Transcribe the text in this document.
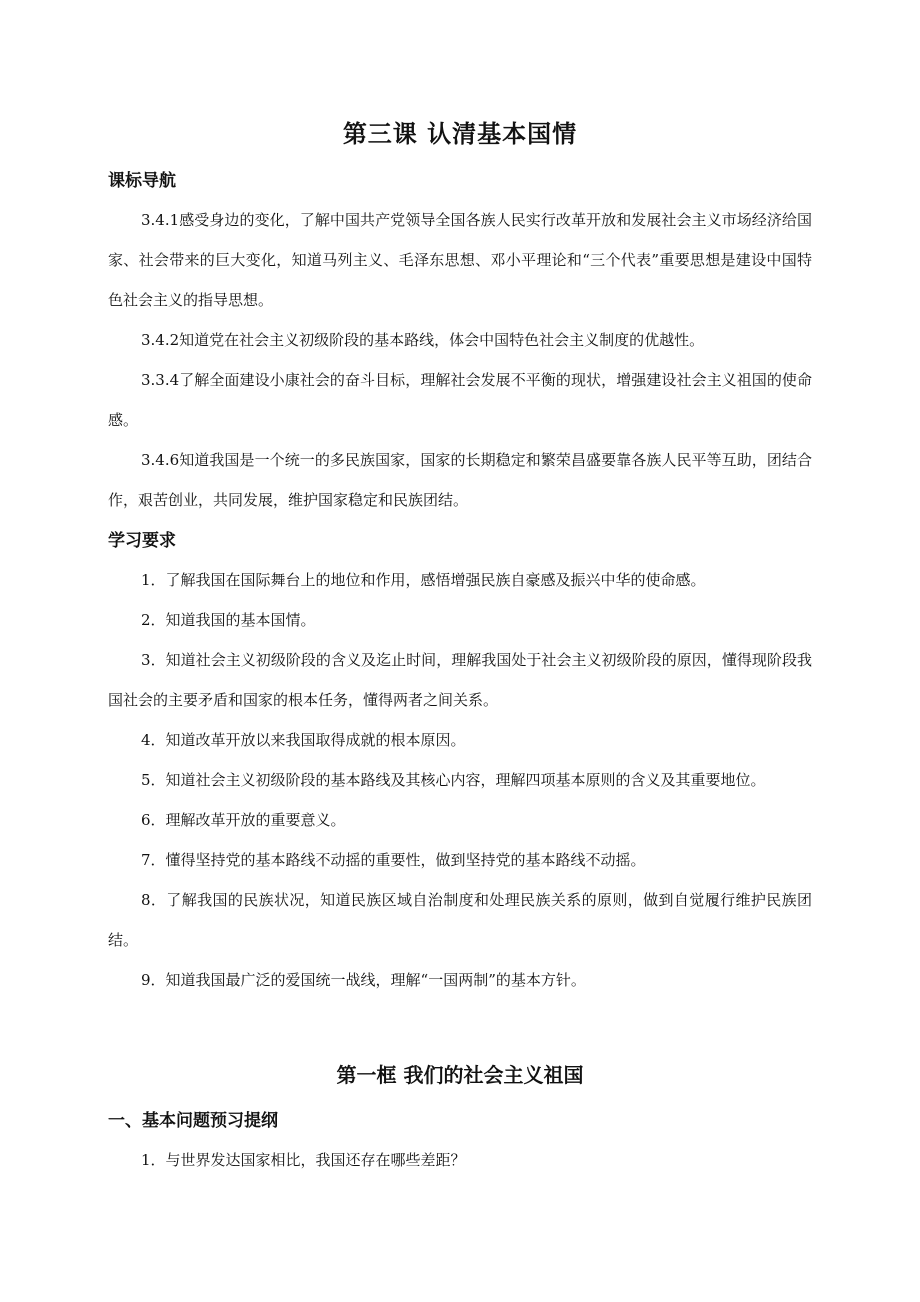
第三课 认清基本国情
课标导航
3.4.1感受身边的变化，了解中国共产党领导全国各族人民实行改革开放和发展社会主义市场经济给国家、社会带来的巨大变化，知道马列主义、毛泽东思想、邓小平理论和“三个代表”重要思想是建设中国特色社会主义的指导思想。
3.4.2知道党在社会主义初级阶段的基本路线，体会中国特色社会主义制度的优越性。
3.3.4了解全面建设小康社会的奋斗目标，理解社会发展不平衡的现状，增强建设社会主义祖国的使命感。
3.4.6知道我国是一个统一的多民族国家，国家的长期稳定和繁荣昌盛要靠各族人民平等互助，团结合作，艰苦创业，共同发展，维护国家稳定和民族团结。
学习要求
1．了解我国在国际舞台上的地位和作用，感悟增强民族自豪感及振兴中华的使命感。
2．知道我国的基本国情。
3．知道社会主义初级阶段的含义及迄止时间，理解我国处于社会主义初级阶段的原因，懂得现阶段我国社会的主要矛盾和国家的根本任务，懂得两者之间关系。
4．知道改革开放以来我国取得成就的根本原因。
5．知道社会主义初级阶段的基本路线及其核心内容，理解四项基本原则的含义及其重要地位。
6．理解改革开放的重要意义。
7．懂得坚持党的基本路线不动摇的重要性，做到坚持党的基本路线不动摇。
8．了解我国的民族状况，知道民族区域自治制度和处理民族关系的原则，做到自觉履行维护民族团结。
9．知道我国最广泛的爱国统一战线，理解“一国两制”的基本方针。
第一框 我们的社会主义祖国
一、基本问题预习提纲
1．与世界发达国家相比，我国还存在哪些差距？
